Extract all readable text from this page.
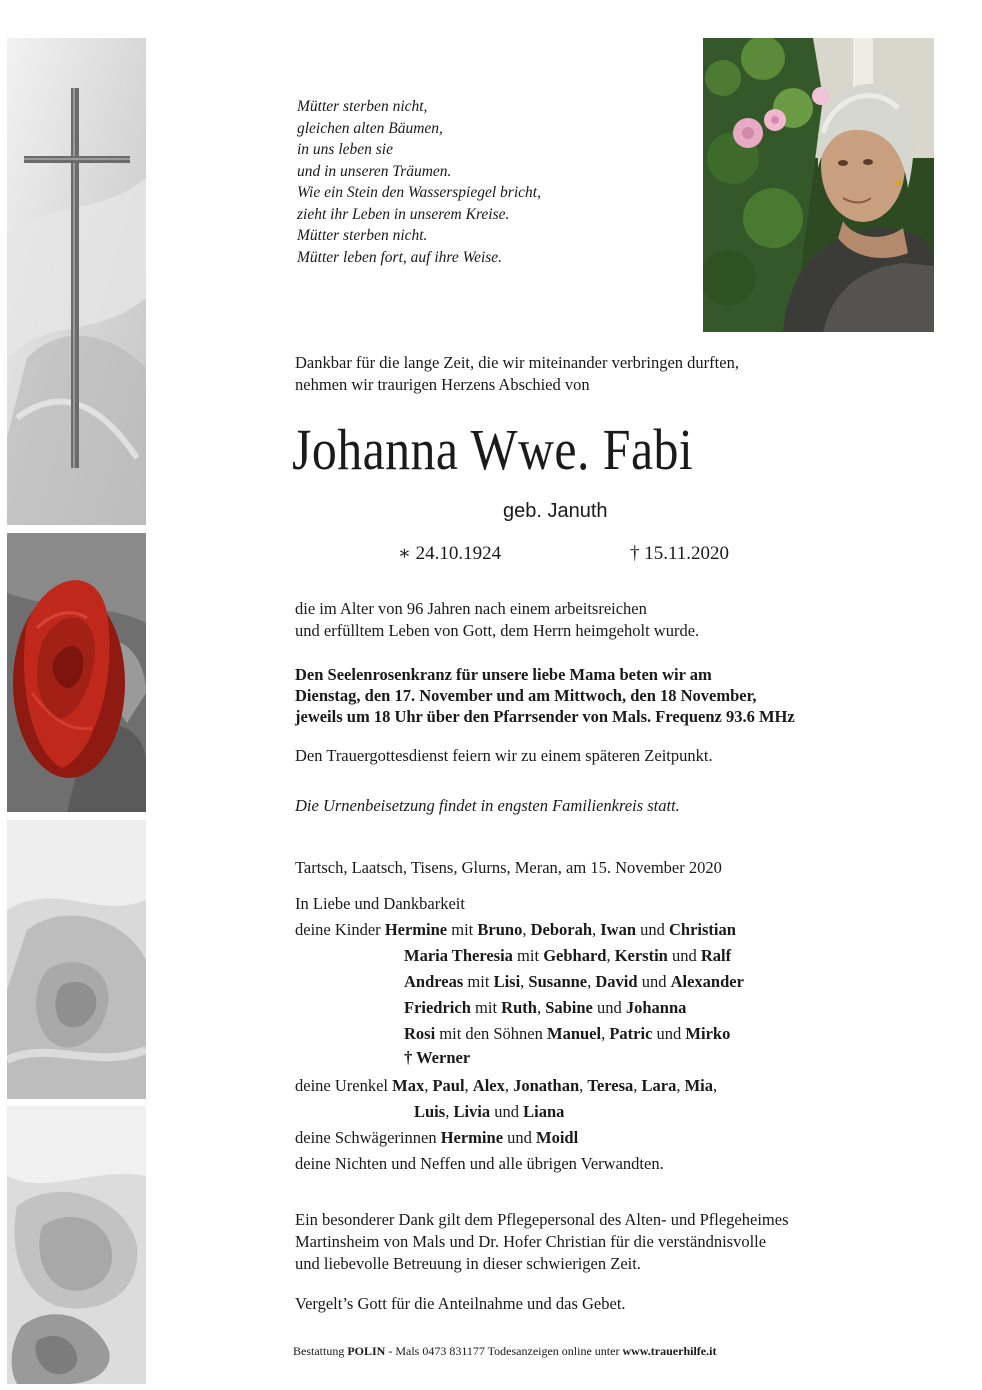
Mütter sterben nicht,
gleichen alten Bäumen,
in uns leben sie
und in unseren Träumen.
Wie ein Stein den Wasserspiegel bricht,
zieht ihr Leben in unserem Kreise.
Mütter sterben nicht.
Mütter leben fort, auf ihre Weise.
Dankbar für die lange Zeit, die wir miteinander verbringen durften,
nehmen wir traurigen Herzens Abschied von
Johanna Wwe. Fabi
geb. Januth
∗ 24.10.1924	† 15.11.2020
die im Alter von 96 Jahren nach einem arbeitsreichen
und erfülltem Leben von Gott, dem Herrn heimgeholt wurde.
Den Seelenrosenkranz für unsere liebe Mama beten wir am
Dienstag, den 17. November und am Mittwoch, den 18 November,
jeweils um 18 Uhr über den Pfarrsender von Mals. Frequenz 93.6 MHz
Den Trauergottesdienst feiern wir zu einem späteren Zeitpunkt.
Die Urnenbeisetzung findet in engsten Familienkreis statt.
Tartsch, Laatsch, Tisens, Glurns, Meran, am 15. November 2020
In Liebe und Dankbarkeit
deine Kinder Hermine mit Bruno, Deborah, Iwan und Christian
Maria Theresia mit Gebhard, Kerstin und Ralf
Andreas mit Lisi, Susanne, David und Alexander
Friedrich mit Ruth, Sabine und Johanna
Rosi mit den Söhnen Manuel, Patric und Mirko
† Werner
deine Urenkel Max, Paul, Alex, Jonathan, Teresa, Lara, Mia,
Luis, Livia und Liana
deine Schwägerinnen Hermine und Moidl
deine Nichten und Neffen und alle übrigen Verwandten.
Ein besonderer Dank gilt dem Pflegepersonal des Alten- und Pflegeheimes
Martinsheim von Mals und Dr. Hofer Christian für die verständnisvolle
und liebevolle Betreuung in dieser schwierigen Zeit.
Vergelt’s Gott für die Anteilnahme und das Gebet.
Bestattung POLIN - Mals 0473 831177 Todesanzeigen online unter www.trauerhilfe.it
